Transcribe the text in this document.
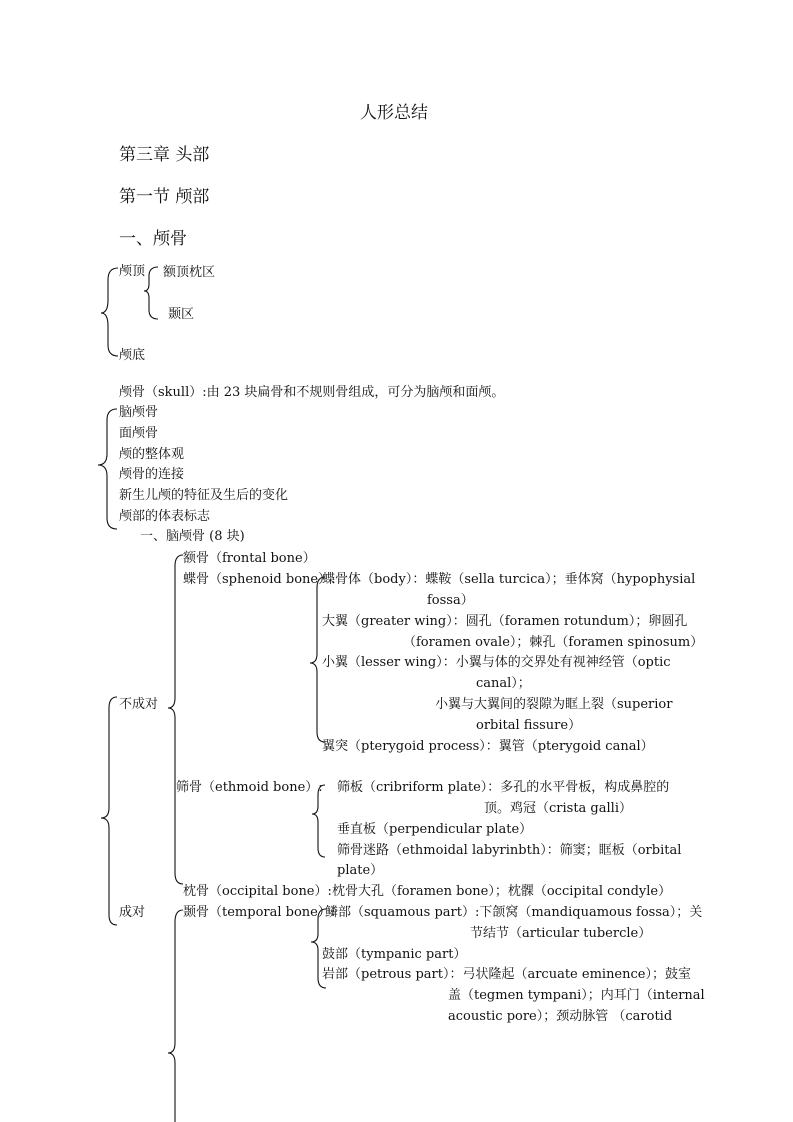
人形总结
第三章 头部
第一节 颅部
一、颅骨
颅顶 额顶枕区
颞区
颅底
颅骨（skull）:由 23 块扁骨和不规则骨组成，可分为脑颅和面颅。
脑颅骨
面颅骨
颅的整体观
颅骨的连接
新生儿颅的特征及生后的变化
颅部的体表标志
一、脑颅骨 (8 块)
不成对
成对
额骨（frontal bone）
蝶骨（sphenoid bone）:
蝶骨体（body）：蝶鞍（sella turcica）；垂体窝（hypophysial
fossa）
大翼（greater wing）：圆孔（foramen rotundum）；卵圆孔
（foramen ovale）；棘孔（foramen spinosum）
小翼（lesser wing）：小翼与体的交界处有视神经管（optic
canal）；
小翼与大翼间的裂隙为眶上裂（superior
orbital fissure）
翼突（pterygoid process）：翼管（pterygoid canal）
筛骨（ethmoid bone）: 筛板（cribriform plate）：多孔的水平骨板，构成鼻腔的
顶。鸡冠（crista galli）
垂直板（perpendicular plate）
筛骨迷路（ethmoidal labyrinbth）：筛窦；眶板（orbital
plate）
枕骨（occipital bone）: 枕骨大孔（foramen bone）；枕髁（occipital condyle）
颞骨（temporal bone）:
鳞部（squamous part）:下颌窝（mandiquamous fossa）；关
节结节（articular tubercle）
鼓部（tympanic part）
岩部（petrous part）：弓状隆起（arcuate eminence）；鼓室
盖（tegmen tympani）；内耳门（internal
acoustic pore）；颈动脉管 （carotid
